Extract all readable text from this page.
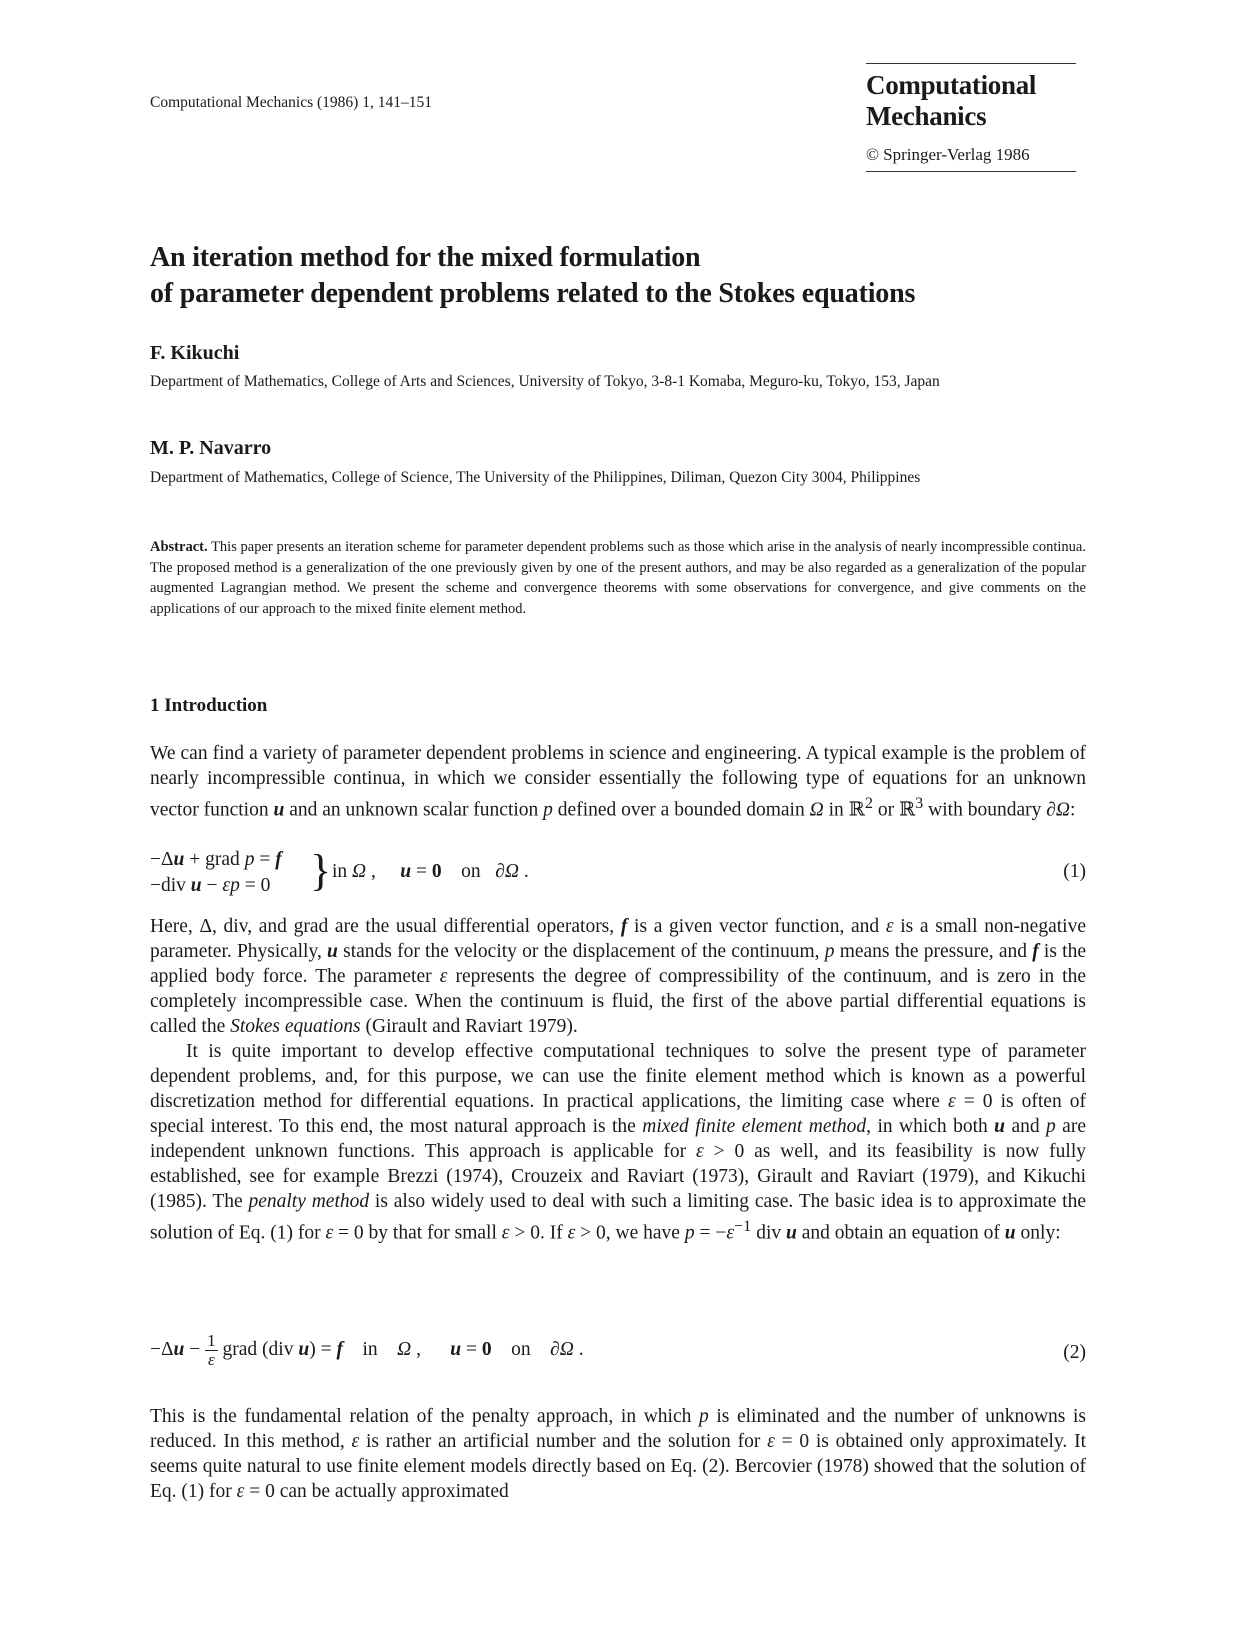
Computational Mechanics (1986) 1, 141–151
Computational
Mechanics
© Springer-Verlag 1986
An iteration method for the mixed formulation
of parameter dependent problems related to the Stokes equations
F. Kikuchi
Department of Mathematics, College of Arts and Sciences, University of Tokyo, 3-8-1 Komaba, Meguro-ku, Tokyo, 153, Japan
M. P. Navarro
Department of Mathematics, College of Science, The University of the Philippines, Diliman, Quezon City 3004, Philippines
Abstract. This paper presents an iteration scheme for parameter dependent problems such as those which arise in the analysis of nearly incompressible continua. The proposed method is a generalization of the one previously given by one of the present authors, and may be also regarded as a generalization of the popular augmented Lagrangian method. We present the scheme and convergence theorems with some observations for convergence, and give comments on the applications of our approach to the mixed finite element method.
1 Introduction

We can find a variety of parameter dependent problems in science and engineering. A typical example is the problem of nearly incompressible continua, in which we consider essentially the following type of equations for an unknown vector function u and an unknown scalar function p defined over a bounded domain Ω in ℝ$^2$ or ℝ$^3$ with boundary ∂Ω:

−Δu + grad p = f
−div u − εp = 0 } in Ω ,     u = 0    on   ∂Ω .	(1)

Here, Δ, div, and grad are the usual differential operators, f is a given vector function, and ε is a small non-negative parameter. Physically, u stands for the velocity or the displacement of the continuum, p means the pressure, and f is the applied body force. The parameter ε represents the degree of compressibility of the continuum, and is zero in the completely incompressible case. When the continuum is fluid, the first of the above partial differential equations is called the Stokes equations (Girault and Raviart 1979).

It is quite important to develop effective computational techniques to solve the present type of parameter dependent problems, and, for this purpose, we can use the finite element method which is known as a powerful discretization method for differential equations. In practical applications, the limiting case where ε = 0 is often of special interest. To this end, the most natural approach is the mixed finite element method, in which both u and p are independent unknown functions. This approach is applicable for ε > 0 as well, and its feasibility is now fully established, see for example Brezzi (1974), Crouzeix and Raviart (1973), Girault and Raviart (1979), and Kikuchi (1985). The penalty method is also widely used to deal with such a limiting case. The basic idea is to approximate the solution of Eq. (1) for ε = 0 by that for small ε > 0. If ε > 0, we have $p = -\varepsilon^{-1}$ div u and obtain an equation of u only:

$-\Delta u - \frac{1}{\varepsilon}$ grad (div u) = f    in    Ω ,      u = 0    on    ∂Ω .	(2)

This is the fundamental relation of the penalty approach, in which p is eliminated and the number of unknowns is reduced. In this method, ε is rather an artificial number and the solution for ε = 0 is obtained only approximately. It seems quite natural to use finite element models directly based on Eq. (2). Bercovier (1978) showed that the solution of Eq. (1) for ε = 0 can be actually approximated
